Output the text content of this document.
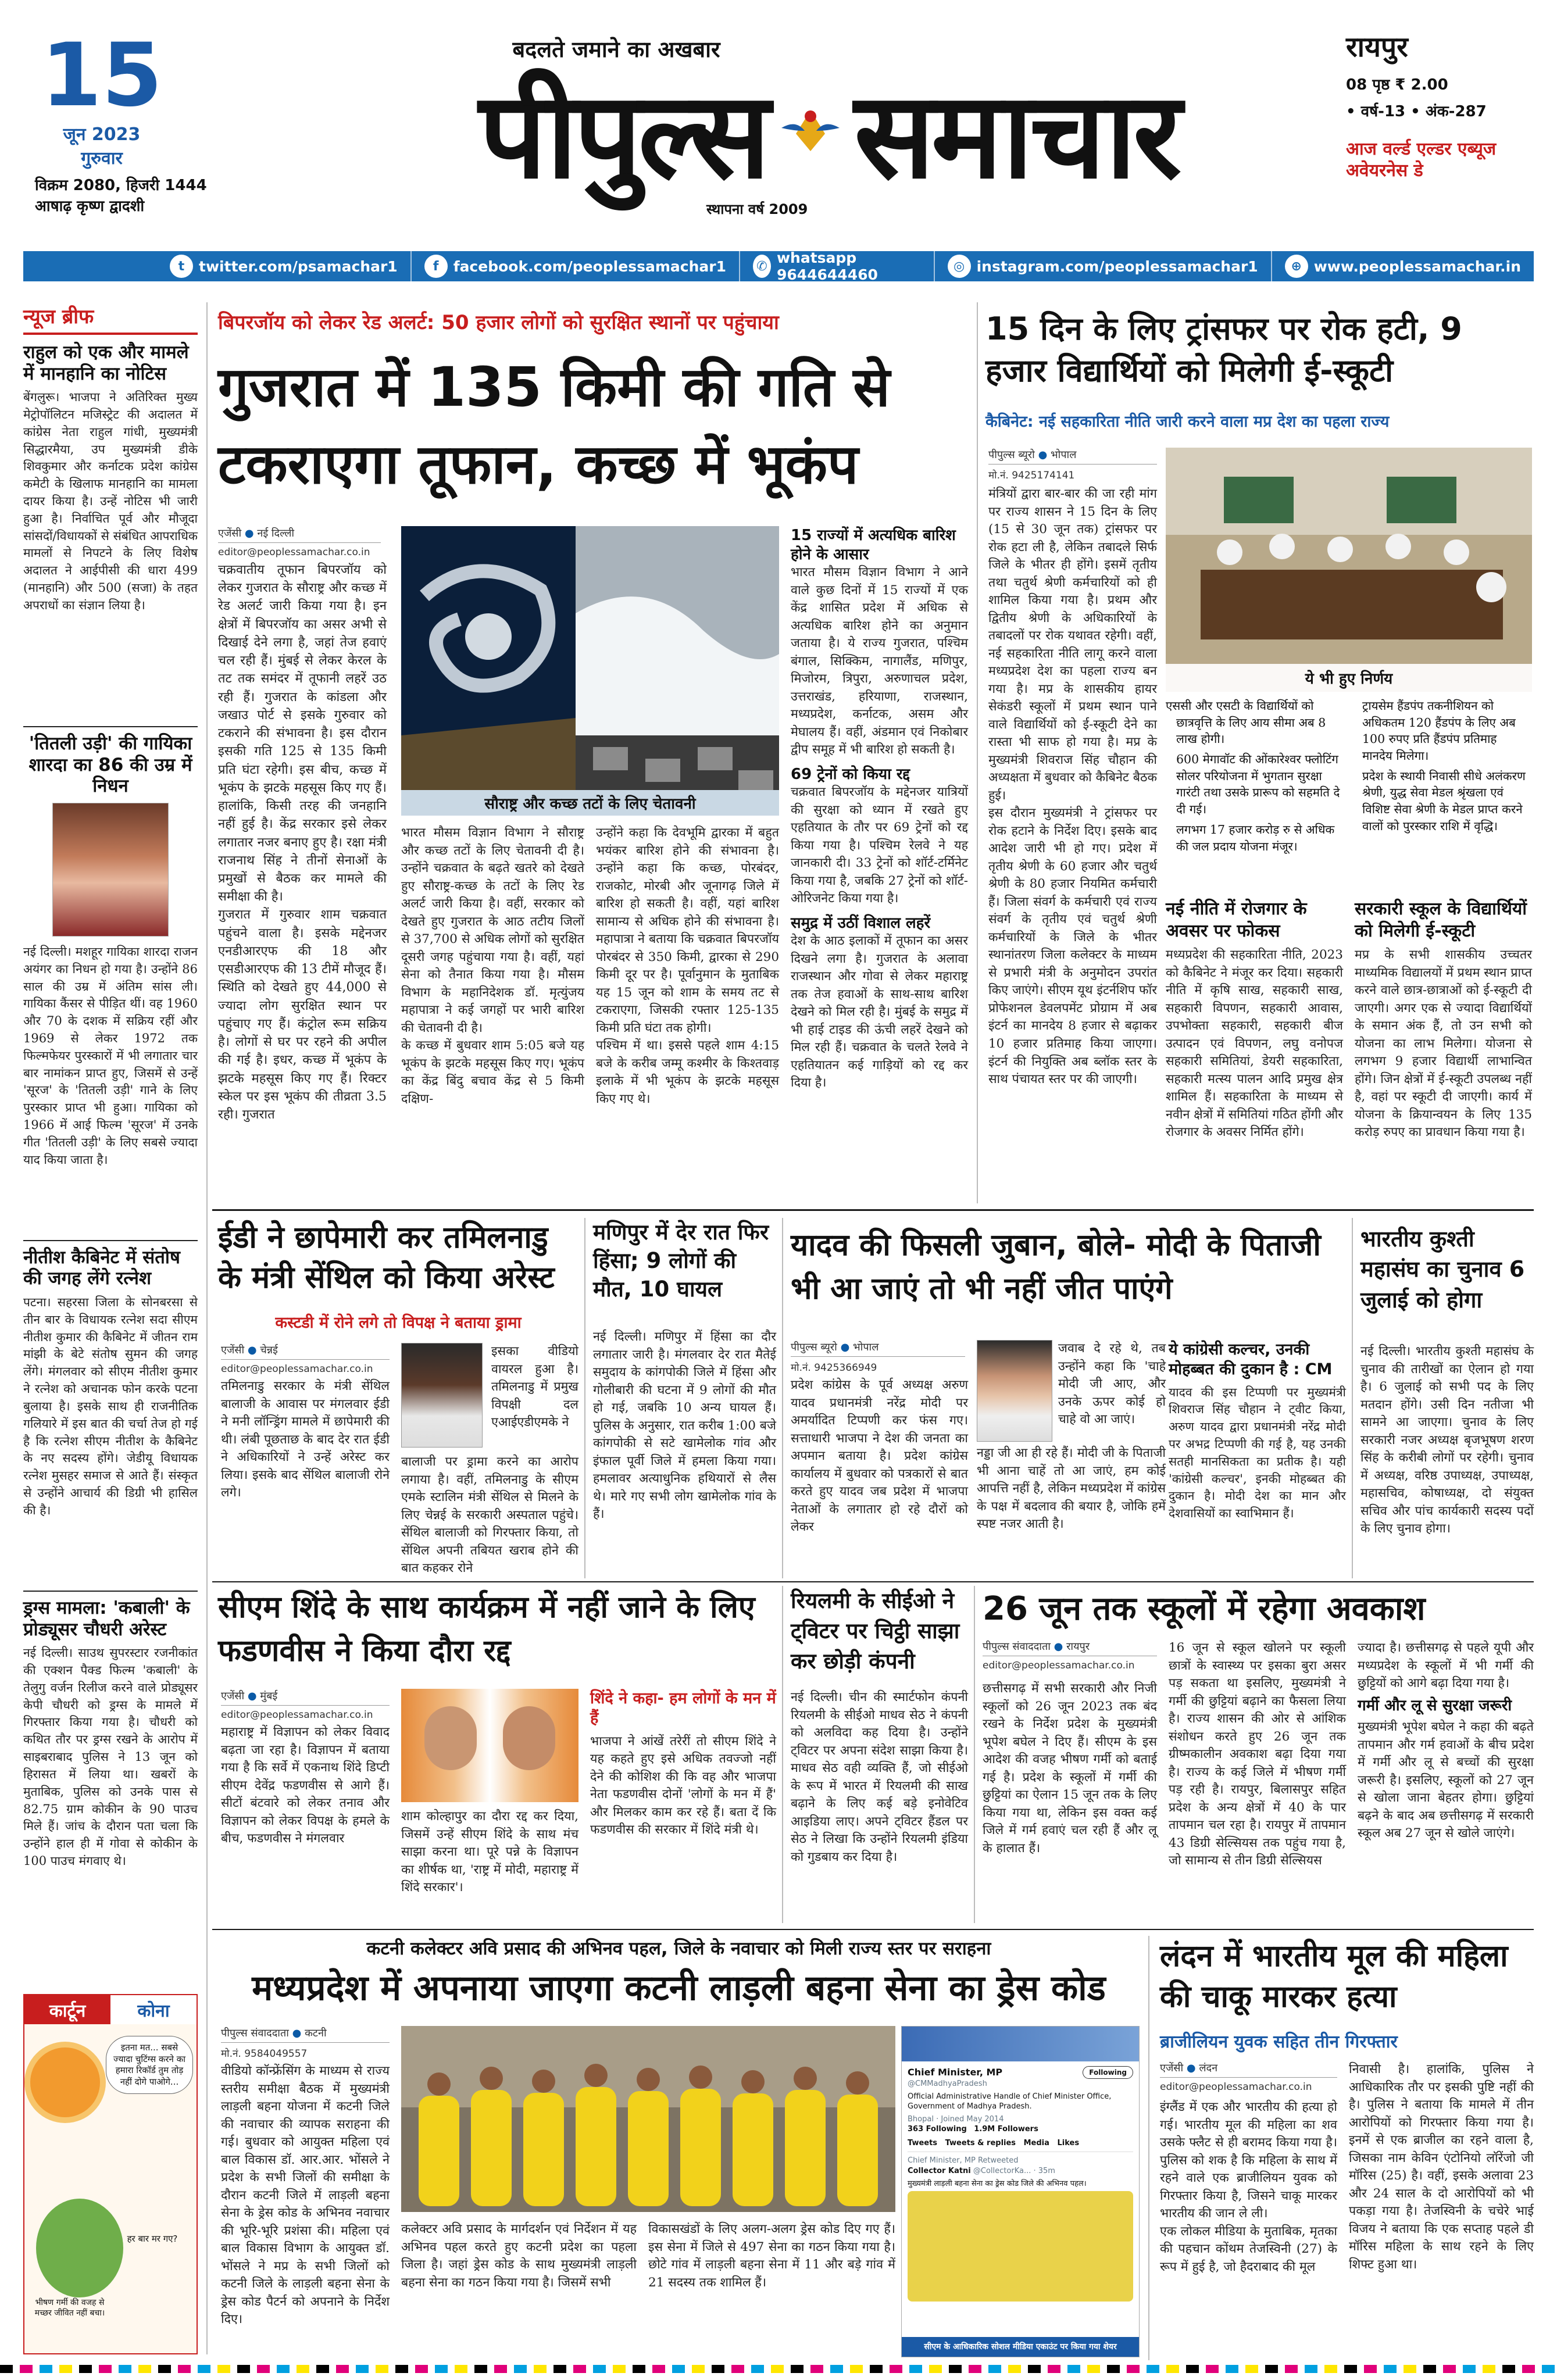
15
जून 2023
गुरुवार
विक्रम 2080, हिजरी 1444
आषाढ़ कृष्ण द्वादशी
बदलते जमाने का अखबार
पीपुल्स समाचार
स्थापना वर्ष 2009
रायपुर
08 पृष्ठ ₹ 2.00
• वर्ष-13 • अंक-287
आज वर्ल्ड एल्डर एब्यूज अवेयरनेस डे
t twitter.com/psamachar1	f	facebook.com/peoplessamachar1 ✆ whatsapp 9644644460	◎ instagram.com/peoplessamachar1	⊕ www.peoplessamachar.in
न्यूज ब्रीफ
राहुल को एक और मामले में मानहानि का नोटिस
बेंगलुरू। भाजपा ने अतिरिक्त मुख्य मेट्रोपॉलिटन मजिस्ट्रेट की अदालत में कांग्रेस नेता राहुल गांधी, मुख्यमंत्री सिद्धारमैया, उप मुख्यमंत्री डीके शिवकुमार और कर्नाटक प्रदेश कांग्रेस कमेटी के खिलाफ मानहानि का मामला दायर किया है। उन्हें नोटिस भी जारी हुआ है। निर्वाचित पूर्व और मौजूदा सांसदों/विधायकों से संबंधित आपराधिक मामलों से निपटने के लिए विशेष अदालत ने आईपीसी की धारा 499 (मानहानि) और 500 (सजा) के तहत अपराधों का संज्ञान लिया है।
'तितली उड़ी' की गायिका शारदा का 86 की उम्र में निधन
नई दिल्ली। मशहूर गायिका शारदा राजन अयंगर का निधन हो गया है। उन्होंने 86 साल की उम्र में अंतिम सांस ली। गायिका कैंसर से पीड़ित थीं। वह 1960 और 70 के दशक में सक्रिय रहीं और 1969 से लेकर 1972 तक फिल्मफेयर पुरस्कारों में भी लगातार चार बार नामांकन प्राप्त हुए, जिसमें से उन्हें 'सूरज' के 'तितली उड़ी' गाने के लिए पुरस्कार प्राप्त भी हुआ। गायिका को 1966 में आई फिल्म 'सूरज' में उनके गीत 'तितली उड़ी' के लिए सबसे ज्यादा याद किया जाता है।
नीतीश कैबिनेट में संतोष की जगह लेंगे रत्नेश
पटना। सहरसा जिला के सोनबरसा से तीन बार के विधायक रत्नेश सदा सीएम नीतीश कुमार की कैबिनेट में जीतन राम मांझी के बेटे संतोष सुमन की जगह लेंगे। मंगलवार को सीएम नीतीश कुमार ने रत्नेश को अचानक फोन करके पटना बुलाया है। इसके साथ ही राजनीतिक गलियारे में इस बात की चर्चा तेज हो गई है कि रत्नेश सीएम नीतीश के कैबिनेट के नए सदस्य होंगे। जेडीयू विधायक रत्नेश मुसहर समाज से आते हैं। संस्कृत से उन्होंने आचार्य की डिग्री भी हासिल की है।
ड्रग्स मामला: 'कबाली' के प्रोड्यूसर चौधरी अरेस्ट
नई दिल्ली। साउथ सुपरस्टार रजनीकांत की एक्शन पैक्ड फिल्म 'कबाली' के तेलुगु वर्जन रिलीज करने वाले प्रोड्यूसर केपी चौधरी को ड्रग्स के मामले में गिरफ्तार किया गया है। चौधरी को कथित तौर पर ड्रग्स रखने के आरोप में साइबराबाद पुलिस ने 13 जून को हिरासत में लिया था। खबरों के मुताबिक, पुलिस को उनके पास से 82.75 ग्राम कोकीन के 90 पाउच मिले हैं। जांच के दौरान पता चला कि उन्होंने हाल ही में गोवा से कोकीन के 100 पाउच मंगवाए थे।
कार्टून	कोना
इतना मत... सबसे ज्यादा चुटिंग्स करने का हमारा रिकॉर्ड तुम तोड़ नहीं दोगे पाओगे...
भीषण गर्मी की वजह से मच्छर जीवित नहीं बचा।
हर बार मर गए?
बिपरजॉय को लेकर रेड अलर्ट: 50 हजार लोगों को सुरक्षित स्थानों पर पहुंचाया
गुजरात में 135 किमी की गति से टकराएगा तूफान, कच्छ में भूकंप
एजेंसी ● नई दिल्ली
editor@peoplessamachar.co.in
चक्रवातीय तूफान बिपरजॉय को लेकर गुजरात के सौराष्ट्र और कच्छ में रेड अलर्ट जारी किया गया है। इन क्षेत्रों में बिपरजॉय का असर अभी से दिखाई देने लगा है, जहां तेज हवाएं चल रही हैं। मुंबई से लेकर केरल के तट तक समंदर में तूफानी लहरें उठ रही हैं। गुजरात के कांडला और जखाउ पोर्ट से इसके गुरुवार को टकराने की संभावना है। इस दौरान इसकी गति 125 से 135 किमी प्रति घंटा रहेगी। इस बीच, कच्छ में भूकंप के झटके महसूस किए गए हैं। हालांकि, किसी तरह की जनहानि नहीं हुई है। केंद्र सरकार इसे लेकर लगातार नजर बनाए हुए है। रक्षा मंत्री राजनाथ सिंह ने तीनों सेनाओं के प्रमुखों से बैठक कर मामले की समीक्षा की है।
गुजरात में गुरुवार शाम चक्रवात पहुंचने वाला है। इसके मद्देनजर एनडीआरएफ की 18 और एसडीआरएफ की 13 टीमें मौजूद हैं। स्थिति को देखते हुए 44,000 से ज्यादा लोग सुरक्षित स्थान पर पहुंचाए गए हैं। कंट्रोल रूम सक्रिय है। लोगों से घर पर रहने की अपील की गई है। इधर, कच्छ में भूकंप के झटके महसूस किए गए हैं। रिक्टर स्केल पर इस भूकंप की तीव्रता 3.5 रही। गुजरात
सौराष्ट्र और कच्छ तटों के लिए चेतावनी
भारत मौसम विज्ञान विभाग ने सौराष्ट्र और कच्छ तटों के लिए चेतावनी दी है। उन्होंने चक्रवात के बढ़ते खतरे को देखते हुए सौराष्ट्र-कच्छ के तटों के लिए रेड अलर्ट जारी किया है। वहीं, सरकार को देखते हुए गुजरात के आठ तटीय जिलों से 37,700 से अधिक लोगों को सुरक्षित दूसरी जगह पहुंचाया गया है। वहीं, यहां सेना को तैनात किया गया है। मौसम विभाग के महानिदेशक डॉ. मृत्युंजय महापात्रा ने कई जगहों पर भारी बारिश की चेतावनी दी है।
के कच्छ में बुधवार शाम 5:05 बजे यह भूकंप के झटके महसूस किए गए। भूकंप का केंद्र बिंदु बचाव केंद्र से 5 किमी दक्षिण-
उन्होंने कहा कि देवभूमि द्वारका में बहुत भयंकर बारिश होने की संभावना है। उन्होंने कहा कि कच्छ, पोरबंदर, राजकोट, मोरबी और जूनागढ़ जिले में बारिश हो सकती है। वहीं, यहां बारिश सामान्य से अधिक होने की संभावना है। महापात्रा ने बताया कि चक्रवात बिपरजॉय पोरबंदर से 350 किमी, द्वारका से 290 किमी दूर पर है। पूर्वानुमान के मुताबिक यह 15 जून को शाम के समय तट से टकराएगा, जिसकी रफ्तार 125-135 किमी प्रति घंटा तक होगी।
पश्चिम में था। इससे पहले शाम 4:15 बजे के करीब जम्मू कश्मीर के किश्तवाड़ इलाके में भी भूकंप के झटके महसूस किए गए थे।
15 राज्यों में अत्यधिक बारिश होने के आसार
भारत मौसम विज्ञान विभाग ने आने वाले कुछ दिनों में 15 राज्यों में एक केंद्र शासित प्रदेश में अधिक से अत्यधिक बारिश होने का अनुमान जताया है। ये राज्य गुजरात, पश्चिम बंगाल, सिक्किम, नागालैंड, मणिपुर, मिजोरम, त्रिपुरा, अरुणाचल प्रदेश, उत्तराखंड, हरियाणा, राजस्थान, मध्यप्रदेश, कर्नाटक, असम और मेघालय हैं। वहीं, अंडमान एवं निकोबार द्वीप समूह में भी बारिश हो सकती है।
69 ट्रेनों को किया रद्द
चक्रवात बिपरजॉय के मद्देनजर यात्रियों की सुरक्षा को ध्यान में रखते हुए एहतियात के तौर पर 69 ट्रेनों को रद्द किया गया है। पश्चिम रेलवे ने यह जानकारी दी। 33 ट्रेनों को शॉर्ट-टर्मिनेट किया गया है, जबकि 27 ट्रेनों को शॉर्ट-ओरिजनेट किया गया है।
समुद्र में उठीं विशाल लहरें
देश के आठ इलाकों में तूफान का असर दिखने लगा है। गुजरात के अलावा राजस्थान और गोवा से लेकर महाराष्ट्र तक तेज हवाओं के साथ-साथ बारिश देखने को मिल रही है। मुंबई के समुद्र में भी हाई टाइड की ऊंची लहरें देखने को मिल रही हैं। चक्रवात के चलते रेलवे ने एहतियातन कई गाड़ियों को रद्द कर दिया है।
15 दिन के लिए ट्रांसफर पर रोक हटी, 9 हजार विद्यार्थियों को मिलेगी ई-स्कूटी
कैबिनेट: नई सहकारिता नीति जारी करने वाला मप्र देश का पहला राज्य
पीपुल्स ब्यूरो ● भोपाल
मो.नं. 9425174141
मंत्रियों द्वारा बार-बार की जा रही मांग पर राज्य शासन ने 15 दिन के लिए (15 से 30 जून तक) ट्रांसफर पर रोक हटा ली है, लेकिन तबादले सिर्फ जिले के भीतर ही होंगे। इसमें तृतीय तथा चतुर्थ श्रेणी कर्मचारियों को ही शामिल किया गया है। प्रथम और द्वितीय श्रेणी के अधिकारियों के तबादलों पर रोक यथावत रहेगी। वहीं, नई सहकारिता नीति लागू करने वाला मध्यप्रदेश देश का पहला राज्य बन गया है। मप्र के शासकीय हायर सेकंडरी स्कूलों में प्रथम स्थान पाने वाले विद्यार्थियों को ई-स्कूटी देने का रास्ता भी साफ हो गया है। मप्र के मुख्यमंत्री शिवराज सिंह चौहान की अध्यक्षता में बुधवार को कैबिनेट बैठक हुई।
इस दौरान मुख्यमंत्री ने ट्रांसफर पर रोक हटाने के निर्देश दिए। इसके बाद आदेश जारी भी हो गए। प्रदेश में तृतीय श्रेणी के 60 हजार और चतुर्थ श्रेणी के 80 हजार नियमित कर्मचारी हैं। जिला संवर्ग के कर्मचारी एवं राज्य संवर्ग के तृतीय एवं चतुर्थ श्रेणी कर्मचारियों के जिले के भीतर स्थानांतरण जिला कलेक्टर के माध्यम से प्रभारी मंत्री के अनुमोदन उपरांत किए जाएंगे। सीएम यूथ इंटर्नशिप फॉर प्रोफेशनल डेवलपमेंट प्रोग्राम में अब इंटर्न का मानदेय 8 हजार से बढ़ाकर 10 हजार प्रतिमाह किया जाएगा। इंटर्न की नियुक्ति अब ब्लॉक स्तर के साथ पंचायत स्तर पर की जाएगी।
ये भी हुए निर्णय
एससी और एसटी के विद्यार्थियों को छात्रवृत्ति के लिए आय सीमा अब 8 लाख होगी।
600 मेगावॉट की ओंकारेश्वर फ्लोटिंग सोलर परियोजना में भुगतान सुरक्षा गारंटी तथा उसके प्रारूप को सहमति दे दी गई।
लगभग 17 हजार करोड़ रु से अधिक की जल प्रदाय योजना मंजूर।
ट्रायसेम हैंडपंप तकनीशियन को अधिकतम 120 हैंडपंप के लिए अब 100 रुपए प्रति हैंडपंप प्रतिमाह मानदेय मिलेगा।
प्रदेश के स्थायी निवासी सीधे अलंकरण श्रेणी, युद्ध सेवा मेडल श्रृंखला एवं विशिष्ट सेवा श्रेणी के मेडल प्राप्त करने वालों को पुरस्कार राशि में वृद्धि।
नई नीति में रोजगार के अवसर पर फोकस
मध्यप्रदेश की सहकारिता नीति, 2023 को कैबिनेट ने मंजूर कर दिया। सहकारी नीति में कृषि साख, सहकारी साख, सहकारी विपणन, सहकारी आवास, उपभोक्ता सहकारी, सहकारी बीज उत्पादन एवं विपणन, लघु वनोपज सहकारी समितियां, डेयरी सहकारिता, सहकारी मत्स्य पालन आदि प्रमुख क्षेत्र शामिल हैं। सहकारिता के माध्यम से नवीन क्षेत्रों में समितियां गठित होंगी और रोजगार के अवसर निर्मित होंगे।
सरकारी स्कूल के विद्यार्थियों को मिलेगी ई-स्कूटी
मप्र के सभी शासकीय उच्चतर माध्यमिक विद्यालयों में प्रथम स्थान प्राप्त करने वाले छात्र-छात्राओं को ई-स्कूटी दी जाएगी। अगर एक से ज्यादा विद्यार्थियों के समान अंक हैं, तो उन सभी को योजना का लाभ मिलेगा। योजना से लगभग 9 हजार विद्यार्थी लाभान्वित होंगे। जिन क्षेत्रों में ई-स्कूटी उपलब्ध नहीं है, वहां पर स्कूटी दी जाएगी। कार्य में योजना के क्रियान्वयन के लिए 135 करोड़ रुपए का प्रावधान किया गया है।
ईडी ने छापेमारी कर तमिलनाडु के मंत्री सेंथिल को किया अरेस्ट
कस्टडी में रोने लगे तो विपक्ष ने बताया ड्रामा
एजेंसी ● चेन्नई
editor@peoplessamachar.co.in
तमिलनाडु सरकार के मंत्री सेंथिल बालाजी के आवास पर मंगलवार ईडी ने मनी लॉन्ड्रिंग मामले में छापेमारी की थी। लंबी पूछताछ के बाद देर रात ईडी ने अधिकारियों ने उन्हें अरेस्ट कर लिया। इसके बाद सेंथिल बालाजी रोने लगे।
इसका वीडियो वायरल हुआ है। तमिलनाडु में प्रमुख विपक्षी दल एआईएडीएमके ने
बालाजी पर ड्रामा करने का आरोप लगाया है। वहीं, तमिलनाडु के सीएम एमके स्टालिन मंत्री सेंथिल से मिलने के लिए चेन्नई के सरकारी अस्पताल पहुंचे। सेंथिल बालाजी को गिरफ्तार किया, तो सेंथिल अपनी तबियत खराब होने की बात कहकर रोने
मणिपुर में देर रात फिर हिंसा; 9 लोगों की मौत, 10 घायल
नई दिल्ली। मणिपुर में हिंसा का दौर लगातार जारी है। मंगलवार देर रात मैतेई समुदाय के कांगपोकी जिले में हिंसा और गोलीबारी की घटना में 9 लोगों की मौत हो गई, जबकि 10 अन्य घायल हैं। पुलिस के अनुसार, रात करीब 1:00 बजे कांगपोकी से सटे खामेलोक गांव और इंफाल पूर्वी जिले में हमला किया गया। हमलावर अत्याधुनिक हथियारों से लैस थे। मारे गए सभी लोग खामेलोक गांव के हैं।
यादव की फिसली जुबान, बोले- मोदी के पिताजी भी आ जाएं तो भी नहीं जीत पाएंगे
पीपुल्स ब्यूरो ● भोपाल
मो.नं. 9425366949
प्रदेश कांग्रेस के पूर्व अध्यक्ष अरुण यादव प्रधानमंत्री नरेंद्र मोदी पर अमर्यादित टिप्पणी कर फंस गए। सत्ताधारी भाजपा ने देश की जनता का अपमान बताया है। प्रदेश कांग्रेस कार्यालय में बुधवार को पत्रकारों से बात करते हुए यादव जब प्रदेश में भाजपा नेताओं के लगातार हो रहे दौरों को लेकर
जवाब दे रहे थे, तब उन्होंने कहा कि 'चाहे मोदी जी आए, और उनके ऊपर कोई हो चाहे वो आ जाएं।
नड्डा जी आ ही रहे हैं। मोदी जी के पिताजी भी आना चाहें तो आ जाएं, हम कोई आपत्ति नहीं है, लेकिन मध्यप्रदेश में कांग्रेस के पक्ष में बदलाव की बयार है, जोकि हमें स्पष्ट नजर आती है।
ये कांग्रेसी कल्चर, उनकी मोहब्बत की दुकान है : CM
यादव की इस टिप्पणी पर मुख्यमंत्री शिवराज सिंह चौहान ने ट्वीट किया, अरुण यादव द्वारा प्रधानमंत्री नरेंद्र मोदी पर अभद्र टिप्पणी की गई है, यह उनकी सतही मानसिकता का प्रतीक है। यही 'कांग्रेसी कल्चर', इनकी मोहब्बत की दुकान है। मोदी देश का मान और देशवासियों का स्वाभिमान हैं।
भारतीय कुश्ती महासंघ का चुनाव 6 जुलाई को होगा
नई दिल्ली। भारतीय कुश्ती महासंघ के चुनाव की तारीखों का ऐलान हो गया है। 6 जुलाई को सभी पद के लिए मतदान होंगे। उसी दिन नतीजा भी सामने आ जाएगा। चुनाव के लिए सरकारी नजर अध्यक्ष बृजभूषण शरण सिंह के करीबी लोगों पर रहेगी। चुनाव में अध्यक्ष, वरिष्ठ उपाध्यक्ष, उपाध्यक्ष, महासचिव, कोषाध्यक्ष, दो संयुक्त सचिव और पांच कार्यकारी सदस्य पदों के लिए चुनाव होगा।
सीएम शिंदे के साथ कार्यक्रम में नहीं जाने के लिए फडणवीस ने किया दौरा रद्द
एजेंसी ● मुंबई
editor@peoplessamachar.co.in
महाराष्ट्र में विज्ञापन को लेकर विवाद बढ़ता जा रहा है। विज्ञापन में बताया गया है कि सर्वे में एकनाथ शिंदे डिप्टी सीएम देवेंद्र फडणवीस से आगे हैं। सीटों बंटवारे को लेकर तनाव और विज्ञापन को लेकर विपक्ष के हमले के बीच, फडणवीस ने मंगलवार
शाम कोल्हापुर का दौरा रद्द कर दिया, जिसमें उन्हें सीएम शिंदे के साथ मंच साझा करना था। पूरे पन्ने के विज्ञापन का शीर्षक था, 'राष्ट्र में मोदी, महाराष्ट्र में शिंदे सरकार'।
शिंदे ने कहा- हम लोगों के मन में हैं
भाजपा ने आंखें तरेरीं तो सीएम शिंदे ने यह कहते हुए इसे अधिक तवज्जो नहीं देने की कोशिश की कि वह और भाजपा नेता फडणवीस दोनों 'लोगों के मन में हैं' और मिलकर काम कर रहे हैं। बता दें कि फडणवीस की सरकार में शिंदे मंत्री थे।
रियलमी के सीईओ ने ट्विटर पर चिट्ठी साझा कर छोड़ी कंपनी
नई दिल्ली। चीन की स्मार्टफोन कंपनी रियलमी के सीईओ माधव सेठ ने कंपनी को अलविदा कह दिया है। उन्होंने ट्विटर पर अपना संदेश साझा किया है। माधव सेठ वही व्यक्ति हैं, जो सीईओ के रूप में भारत में रियलमी की साख बढ़ाने के लिए कई बड़े इनोवेटिव आइडिया लाए। अपने ट्विटर हैंडल पर सेठ ने लिखा कि उन्होंने रियलमी इंडिया को गुडबाय कर दिया है।
26 जून तक स्कूलों में रहेगा अवकाश
पीपुल्स संवाददाता ● रायपुर
editor@peoplessamachar.co.in
छत्तीसगढ़ में सभी सरकारी और निजी स्कूलों को 26 जून 2023 तक बंद रखने के निर्देश प्रदेश के मुख्यमंत्री भूपेश बघेल ने दिए हैं। सीएम के इस आदेश की वजह भीषण गर्मी को बताई गई है। प्रदेश के स्कूलों में गर्मी की छुट्टियां का ऐलान 15 जून तक के लिए किया गया था, लेकिन इस वक्त कई जिले में गर्म हवाएं चल रही हैं और लू के हालात हैं।
16 जून से स्कूल खोलने पर स्कूली छात्रों के स्वास्थ्य पर इसका बुरा असर पड़ सकता था इसलिए, मुख्यमंत्री ने गर्मी की छुट्टियां बढ़ाने का फैसला लिया है। राज्य शासन की ओर से आंशिक संशोधन करते हुए 26 जून तक ग्रीष्मकालीन अवकाश बढ़ा दिया गया है। राज्य के कई जिले में भीषण गर्मी पड़ रही है। रायपुर, बिलासपुर सहित प्रदेश के अन्य क्षेत्रों में 40 के पार तापमान चल रहा है। रायपुर में तापमान 43 डिग्री सेल्सियस तक पहुंच गया है, जो सामान्य से तीन डिग्री सेल्सियस
ज्यादा है। छत्तीसगढ़ से पहले यूपी और मध्यप्रदेश के स्कूलों में भी गर्मी की छुट्टियों को आगे बढ़ा दिया गया है।
गर्मी और लू से सुरक्षा जरूरी
मुख्यमंत्री भूपेश बघेल ने कहा की बढ़ते तापमान और गर्म हवाओं के बीच प्रदेश में गर्मी और लू से बच्चों की सुरक्षा जरूरी है। इसलिए, स्कूलों को 27 जून से खोला जाना बेहतर होगा। छुट्टियां बढ़ने के बाद अब छत्तीसगढ़ में सरकारी स्कूल अब 27 जून से खोले जाएंगे।
कटनी कलेक्टर अवि प्रसाद की अभिनव पहल, जिले के नवाचार को मिली राज्य स्तर पर सराहना
मध्यप्रदेश में अपनाया जाएगा कटनी लाड़ली बहना सेना का ड्रेस कोड
पीपुल्स संवाददाता ● कटनी
मो.नं. 9584049557
वीडियो कॉन्फ्रेंसिंग के माध्यम से राज्य स्तरीय समीक्षा बैठक में मुख्यमंत्री लाड़ली बहना योजना में कटनी जिले की नवाचार की व्यापक सराहना की गई। बुधवार को आयुक्त महिला एवं बाल विकास डॉ. आर.आर. भोंसले ने प्रदेश के सभी जिलों की समीक्षा के दौरान कटनी जिले में लाड़ली बहना सेना के ड्रेस कोड के अभिनव नवाचार की भूरि-भूरि प्रशंसा की। महिला एवं बाल विकास विभाग के आयुक्त डॉ. भोंसले ने मप्र के सभी जिलों को कटनी जिले के लाड़ली बहना सेना के ड्रेस कोड पैटर्न को अपनाने के निर्देश दिए।
कलेक्टर अवि प्रसाद के मार्गदर्शन एवं निर्देशन में यह अभिनव पहल करते हुए कटनी प्रदेश का पहला जिला है। जहां ड्रेस कोड के साथ मुख्यमंत्री लाड़ली बहना सेना का गठन किया गया है। जिसमें सभी
विकासखंडों के लिए अलग-अलग ड्रेस कोड दिए गए हैं। इस सेना में जिले से 497 सेना का गठन किया गया है। छोटे गांव में लाड़ली बहना सेना में 11 और बड़े गांव में 21 सदस्य तक शामिल हैं।
Chief Minister, MP	Following
@CMMadhyaPradesh
Official Administrative Handle of Chief Minister Office, Government of Madhya Pradesh.
Bhopal · Joined May 2014
363 Following 1.9M Followers
Tweets   Tweets & replies   Media   Likes
Chief Minister, MP Retweeted
Collector Katni @CollectorKa... · 35m
मुख्यमंत्री लाड़ली बहना सेना का ड्रेस कोड जिले की अभिनव पहल।
सीएम के आधिकारिक सोशल मीडिया एकाउंट पर किया गया शेयर
लंदन में भारतीय मूल की महिला की चाकू मारकर हत्या
ब्राजीलियन युवक सहित तीन गिरफ्तार
एजेंसी ● लंदन
editor@peoplessamachar.co.in
इंग्लैंड में एक और भारतीय की हत्या हो गई। भारतीय मूल की महिला का शव उसके फ्लैट से ही बरामद किया गया है। पुलिस को शक है कि महिला के साथ में रहने वाले एक ब्राजीलियन युवक को गिरफ्तार किया है, जिसने चाकू मारकर भारतीय की जान ले ली।
एक लोकल मीडिया के मुताबिक, मृतका की पहचान कोंथम तेजस्विनी (27) के रूप में हुई है, जो हैदराबाद की मूल
निवासी है। हालांकि, पुलिस ने आधिकारिक तौर पर इसकी पुष्टि नहीं की है। पुलिस ने बताया कि मामले में तीन आरोपियों को गिरफ्तार किया गया है। इनमें से एक ब्राजील का रहने वाला है, जिसका नाम केविन एंटोनियो लॉरेंजो जी मॉरिस (25) है। वहीं, इसके अलावा 23 और 24 साल के दो आरोपियों को भी पकड़ा गया है। तेजस्विनी के चचेरे भाई विजय ने बताया कि एक सप्ताह पहले डी मॉरिस महिला के साथ रहने के लिए शिफ्ट हुआ था।
